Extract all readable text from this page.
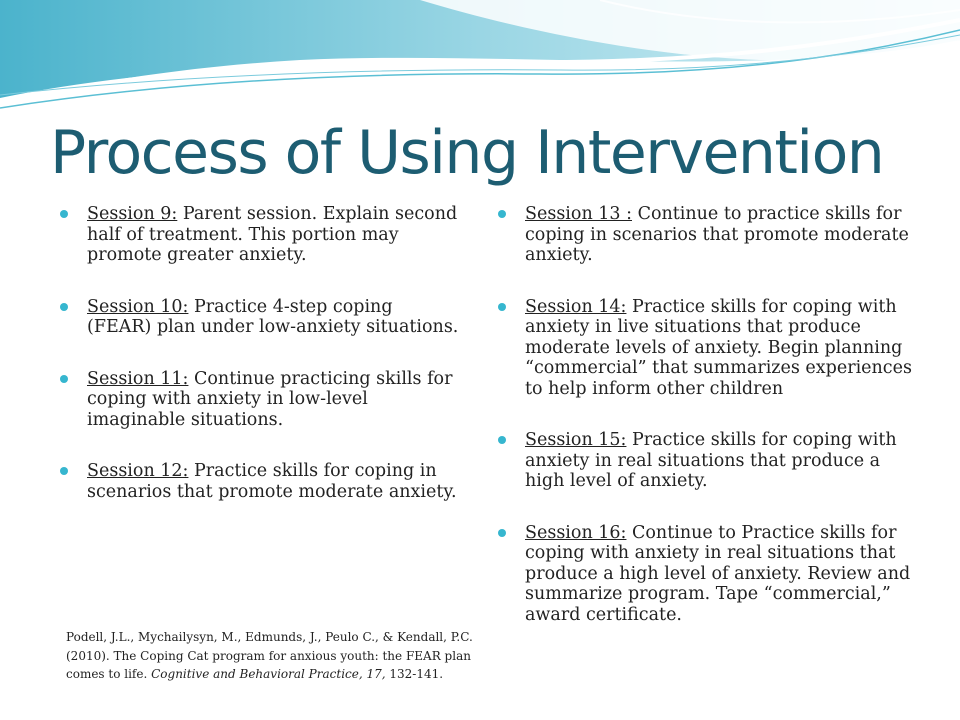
Process of Using Intervention
Session 9: Parent session. Explain second half of treatment. This portion may promote greater anxiety.
Session 10: Practice 4-step coping (FEAR) plan under low-anxiety situations.
Session 11: Continue practicing skills for coping with anxiety in low-level imaginable situations.
Session 12: Practice skills for coping in scenarios that promote moderate anxiety.
Session 13 : Continue to practice skills for coping in scenarios that promote moderate anxiety.
Session 14: Practice skills for coping with anxiety in live situations that produce moderate levels of anxiety. Begin planning “commercial” that summarizes experiences to help inform other children
Session 15: Practice skills for coping with anxiety in real situations that produce a high level of anxiety.
Session 16: Continue to Practice skills for coping with anxiety in real situations that produce a high level of anxiety. Review and summarize program. Tape “commercial,” award certificate.
Podell, J.L., Mychailysyn, M., Edmunds, J., Peulo C., & Kendall, P.C. (2010). The Coping Cat program for anxious youth: the FEAR plan comes to life. Cognitive and Behavioral Practice, 17, 132-141.
